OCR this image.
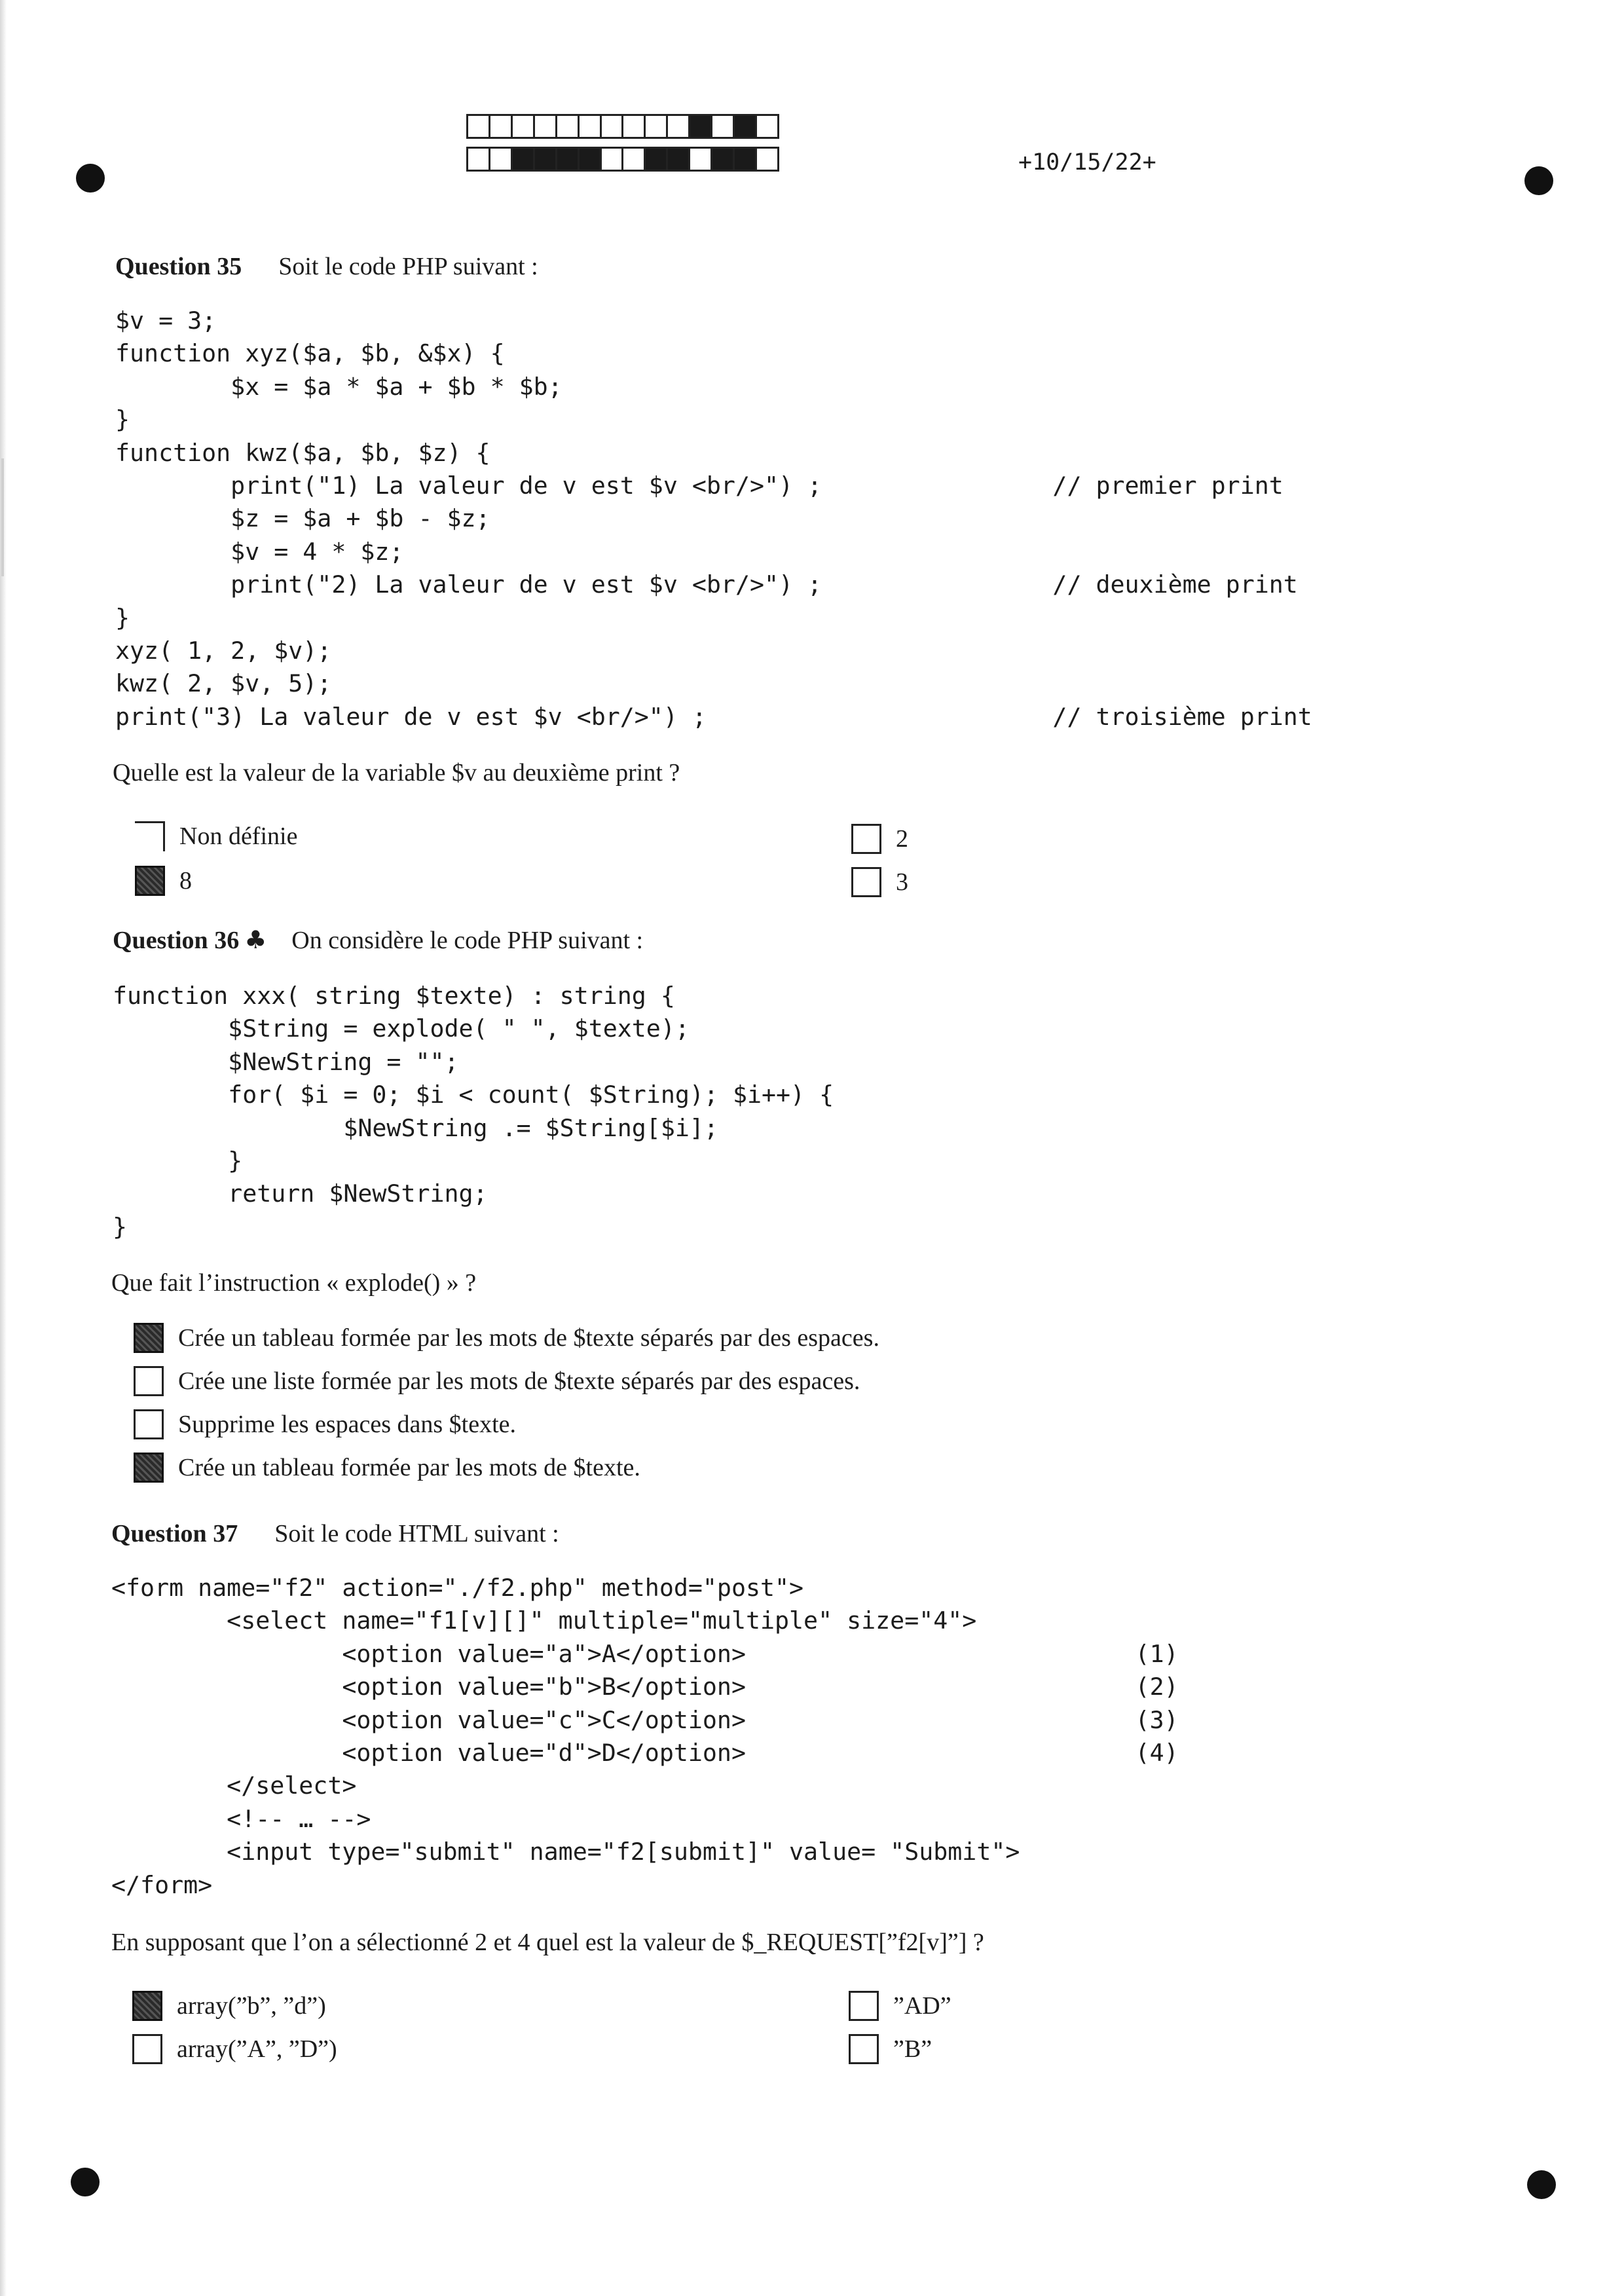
+10/15/22+
Question 35 Soit le code PHP suivant :
$v = 3;
function xyz($a, $b, &$x) {
$x = $a * $a + $b * $b;
}
function kwz($a, $b, $z) {
print("1) La valeur de v est $v <br/>") ;                // premier print
$z = $a + $b - $z;
$v = 4 * $z;
print("2) La valeur de v est $v <br/>") ;                // deuxième print
}
xyz( 1, 2, $v);
kwz( 2, $v, 5);
print("3) La valeur de v est $v <br/>") ;                        // troisième print
Quelle est la valeur de la variable $v au deuxième print ?
Non définie
8
2
3
Question 36 ♣ On considère le code PHP suivant :
function xxx( string $texte) : string {
$String = explode( " ", $texte);
$NewString = "";
for( $i = 0; $i < count( $String); $i++) {
$NewString .= $String[$i];
}
return $NewString;
}
Que fait l’instruction « explode() » ?
Crée un tableau formée par les mots de $texte séparés par des espaces.
Crée une liste formée par les mots de $texte séparés par des espaces.
Supprime les espaces dans $texte.
Crée un tableau formée par les mots de $texte.
Question 37 Soit le code HTML suivant :
<form name="f2" action="./f2.php" method="post">
<select name="f1[v][]" multiple="multiple" size="4">
<option value="a">A</option>                           (1)
<option value="b">B</option>                           (2)
<option value="c">C</option>                           (3)
<option value="d">D</option>                           (4)
</select>
<!-- … -->
<input type="submit" name="f2[submit]" value= "Submit">
</form>
En supposant que l’on a sélectionné 2 et 4 quel est la valeur de $_REQUEST[”f2[v]”] ?
array(”b”, ”d”)
array(”A”, ”D”)
”AD”
”B”
